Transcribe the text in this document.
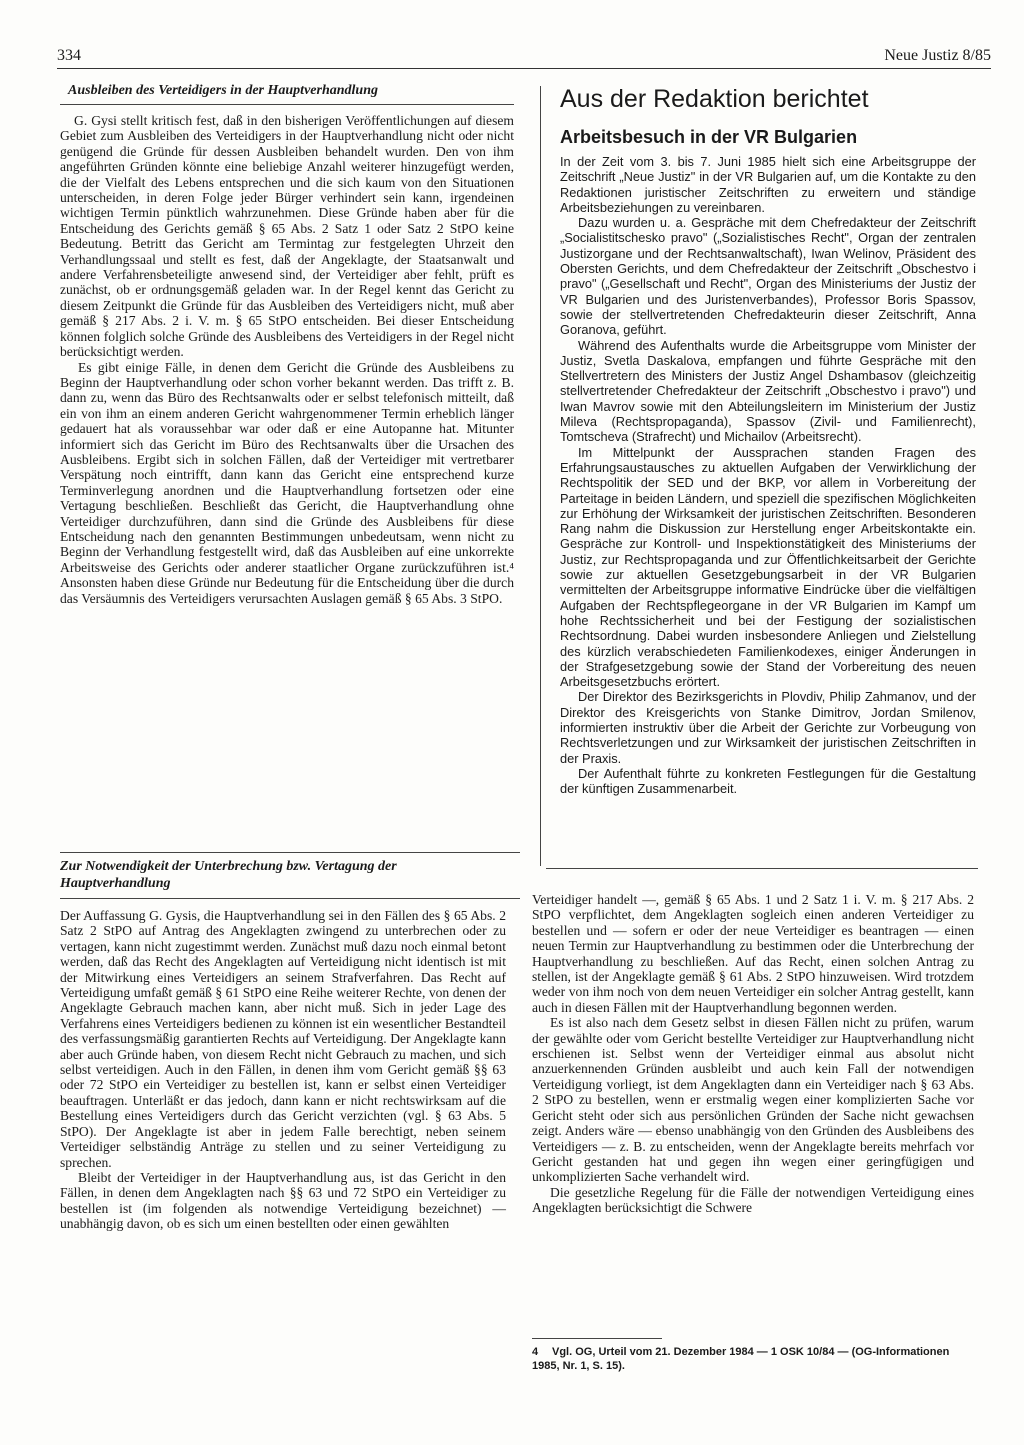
334	Neue Justiz 8/85
Ausbleiben des Verteidigers in der Hauptverhandlung

G. Gysi stellt kritisch fest, daß in den bisherigen Veröffentlichungen auf diesem Gebiet zum Ausbleiben des Verteidigers in der Hauptverhandlung nicht oder nicht genügend die Gründe für dessen Ausbleiben behandelt wurden. Den von ihm angeführten Gründen könnte eine beliebige Anzahl weiterer hinzugefügt werden, die der Vielfalt des Lebens entsprechen und die sich kaum von den Situationen unterscheiden, in deren Folge jeder Bürger verhindert sein kann, irgendeinen wichtigen Termin pünktlich wahrzunehmen. Diese Gründe haben aber für die Entscheidung des Gerichts gemäß § 65 Abs. 2 Satz 1 oder Satz 2 StPO keine Bedeutung. Betritt das Gericht am Termintag zur festgelegten Uhrzeit den Verhandlungssaal und stellt es fest, daß der Angeklagte, der Staatsanwalt und andere Verfahrensbeteiligte anwesend sind, der Verteidiger aber fehlt, prüft es zunächst, ob er ordnungsgemäß geladen war. In der Regel kennt das Gericht zu diesem Zeitpunkt die Gründe für das Ausbleiben des Verteidigers nicht, muß aber gemäß § 217 Abs. 2 i. V. m. § 65 StPO entscheiden. Bei dieser Entscheidung können folglich solche Gründe des Ausbleibens des Verteidigers in der Regel nicht berücksichtigt werden.

Es gibt einige Fälle, in denen dem Gericht die Gründe des Ausbleibens zu Beginn der Hauptverhandlung oder schon vorher bekannt werden. Das trifft z. B. dann zu, wenn das Büro des Rechtsanwalts oder er selbst telefonisch mitteilt, daß ein von ihm an einem anderen Gericht wahrgenommener Termin erheblich länger gedauert hat als voraussehbar war oder daß er eine Autopanne hat. Mitunter informiert sich das Gericht im Büro des Rechtsanwalts über die Ursachen des Ausbleibens. Ergibt sich in solchen Fällen, daß der Verteidiger mit vertretbarer Verspätung noch eintrifft, dann kann das Gericht eine entsprechend kurze Terminverlegung anordnen und die Hauptverhandlung fortsetzen oder eine Vertagung beschließen. Beschließt das Gericht, die Hauptverhandlung ohne Verteidiger durchzuführen, dann sind die Gründe des Ausbleibens für diese Entscheidung nach den genannten Bestimmungen unbedeutsam, wenn nicht zu Beginn der Verhandlung festgestellt wird, daß das Ausbleiben auf eine unkorrekte Arbeitsweise des Gerichts oder anderer staatlicher Organe zurückzuführen ist.⁴ Ansonsten haben diese Gründe nur Bedeutung für die Entscheidung über die durch das Versäumnis des Verteidigers verursachten Auslagen gemäß § 65 Abs. 3 StPO.

Aus der Redaktion berichtet
Arbeitsbesuch in der VR Bulgarien

In der Zeit vom 3. bis 7. Juni 1985 hielt sich eine Arbeitsgruppe der Zeitschrift „Neue Justiz" in der VR Bulgarien auf, um die Kontakte zu den Redaktionen juristischer Zeitschriften zu erweitern und ständige Arbeitsbeziehungen zu vereinbaren.

Dazu wurden u. a. Gespräche mit dem Chefredakteur der Zeitschrift „Socialistitschesko pravo" („Sozialistisches Recht", Organ der zentralen Justizorgane und der Rechtsanwaltschaft), Iwan Welinov, Präsident des Obersten Gerichts, und dem Chefredakteur der Zeitschrift „Obschestvo i pravo" („Gesellschaft und Recht", Organ des Ministeriums der Justiz der VR Bulgarien und des Juristenverbandes), Professor Boris Spassov, sowie der stellvertretenden Chefredakteurin dieser Zeitschrift, Anna Goranova, geführt.

Während des Aufenthalts wurde die Arbeitsgruppe vom Minister der Justiz, Svetla Daskalova, empfangen und führte Gespräche mit den Stellvertretern des Ministers der Justiz Angel Dshambasov (gleichzeitig stellvertretender Chefredakteur der Zeitschrift „Obschestvo i pravo") und Iwan Mavrov sowie mit den Abteilungsleitern im Ministerium der Justiz Mileva (Rechtspropaganda), Spassov (Zivil- und Familienrecht), Tomtscheva (Strafrecht) und Michailov (Arbeitsrecht).

Im Mittelpunkt der Aussprachen standen Fragen des Erfahrungsaustausches zu aktuellen Aufgaben der Verwirklichung der Rechtspolitik der SED und der BKP, vor allem in Vorbereitung der Parteitage in beiden Ländern, und speziell die spezifischen Möglichkeiten zur Erhöhung der Wirksamkeit der juristischen Zeitschriften. Besonderen Rang nahm die Diskussion zur Herstellung enger Arbeitskontakte ein. Gespräche zur Kontroll- und Inspektionstätigkeit des Ministeriums der Justiz, zur Rechtspropaganda und zur Öffentlichkeitsarbeit der Gerichte sowie zur aktuellen Gesetzgebungsarbeit in der VR Bulgarien vermittelten der Arbeitsgruppe informative Eindrücke über die vielfältigen Aufgaben der Rechtspflegeorgane in der VR Bulgarien im Kampf um hohe Rechtssicherheit und bei der Festigung der sozialistischen Rechtsordnung. Dabei wurden insbesondere Anliegen und Zielstellung des kürzlich verabschiedeten Familienkodexes, einiger Änderungen in der Strafgesetzgebung sowie der Stand der Vorbereitung des neuen Arbeitsgesetzbuchs erörtert.

Der Direktor des Bezirksgerichts in Plovdiv, Philip Zahmanov, und der Direktor des Kreisgerichts von Stanke Dimitrov, Jordan Smilenov, informierten instruktiv über die Arbeit der Gerichte zur Vorbeugung von Rechtsverletzungen und zur Wirksamkeit der juristischen Zeitschriften in der Praxis.

Der Aufenthalt führte zu konkreten Festlegungen für die Gestaltung der künftigen Zusammenarbeit.

Zur Notwendigkeit der Unterbrechung bzw. Vertagung der Hauptverhandlung

Der Auffassung G. Gysis, die Hauptverhandlung sei in den Fällen des § 65 Abs. 2 Satz 2 StPO auf Antrag des Angeklagten zwingend zu unterbrechen oder zu vertagen, kann nicht zugestimmt werden. Zunächst muß dazu noch einmal betont werden, daß das Recht des Angeklagten auf Verteidigung nicht identisch ist mit der Mitwirkung eines Verteidigers an seinem Strafverfahren. Das Recht auf Verteidigung umfaßt gemäß § 61 StPO eine Reihe weiterer Rechte, von denen der Angeklagte Gebrauch machen kann, aber nicht muß. Sich in jeder Lage des Verfahrens eines Verteidigers bedienen zu können ist ein wesentlicher Bestandteil des verfassungsmäßig garantierten Rechts auf Verteidigung. Der Angeklagte kann aber auch Gründe haben, von diesem Recht nicht Gebrauch zu machen, und sich selbst verteidigen. Auch in den Fällen, in denen ihm vom Gericht gemäß §§ 63 oder 72 StPO ein Verteidiger zu bestellen ist, kann er selbst einen Verteidiger beauftragen. Unterläßt er das jedoch, dann kann er nicht rechtswirksam auf die Bestellung eines Verteidigers durch das Gericht verzichten (vgl. § 63 Abs. 5 StPO). Der Angeklagte ist aber in jedem Falle berechtigt, neben seinem Verteidiger selbständig Anträge zu stellen und zu seiner Verteidigung zu sprechen.

Bleibt der Verteidiger in der Hauptverhandlung aus, ist das Gericht in den Fällen, in denen dem Angeklagten nach §§ 63 und 72 StPO ein Verteidiger zu bestellen ist (im folgenden als notwendige Verteidigung bezeichnet) — unabhängig davon, ob es sich um einen bestellten oder einen gewählten

Verteidiger handelt —, gemäß § 65 Abs. 1 und 2 Satz 1 i. V. m. § 217 Abs. 2 StPO verpflichtet, dem Angeklagten sogleich einen anderen Verteidiger zu bestellen und — sofern er oder der neue Verteidiger es beantragen — einen neuen Termin zur Hauptverhandlung zu bestimmen oder die Unterbrechung der Hauptverhandlung zu beschließen. Auf das Recht, einen solchen Antrag zu stellen, ist der Angeklagte gemäß § 61 Abs. 2 StPO hinzuweisen. Wird trotzdem weder von ihm noch von dem neuen Verteidiger ein solcher Antrag gestellt, kann auch in diesen Fällen mit der Hauptverhandlung begonnen werden.

Es ist also nach dem Gesetz selbst in diesen Fällen nicht zu prüfen, warum der gewählte oder vom Gericht bestellte Verteidiger zur Hauptverhandlung nicht erschienen ist. Selbst wenn der Verteidiger einmal aus absolut nicht anzuerkennenden Gründen ausbleibt und auch kein Fall der notwendigen Verteidigung vorliegt, ist dem Angeklagten dann ein Verteidiger nach § 63 Abs. 2 StPO zu bestellen, wenn er erstmalig wegen einer komplizierten Sache vor Gericht steht oder sich aus persönlichen Gründen der Sache nicht gewachsen zeigt. Anders wäre — ebenso unabhängig von den Gründen des Ausbleibens des Verteidigers — z. B. zu entscheiden, wenn der Angeklagte bereits mehrfach vor Gericht gestanden hat und gegen ihn wegen einer geringfügigen und unkomplizierten Sache verhandelt wird.

Die gesetzliche Regelung für die Fälle der notwendigen Verteidigung eines Angeklagten berücksichtigt die Schwere

4 Vgl. OG, Urteil vom 21. Dezember 1984 — 1 OSK 10/84 — (OG-Informationen 1985, Nr. 1, S. 15).
